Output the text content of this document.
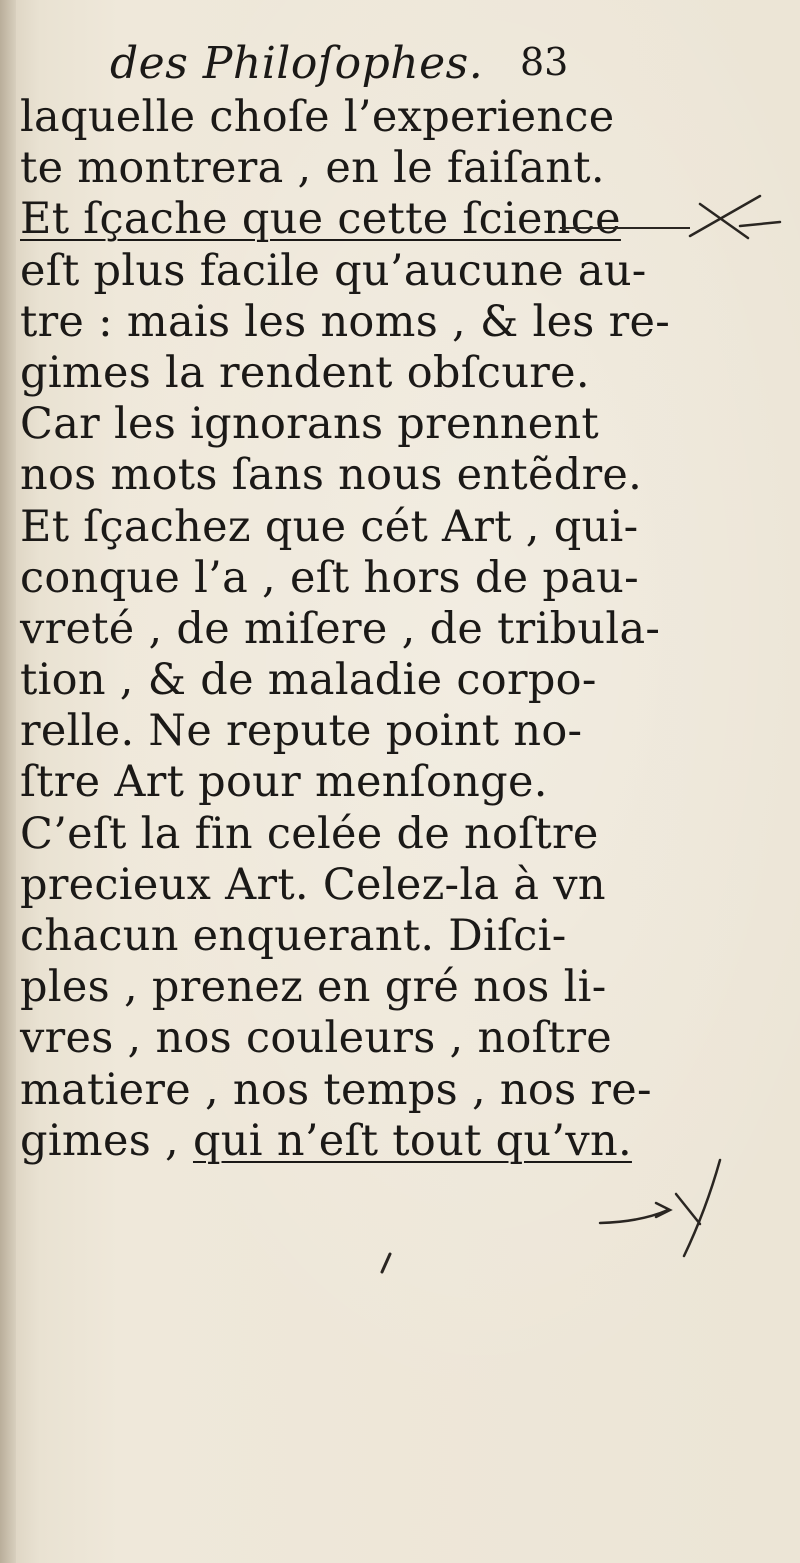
des Philoſophes. 83
laquelle choſe l’experience
te montrera , en le faiſant.
Et ſçache que cette ſcience
eſt plus facile qu’aucune au-
tre : mais les noms , & les re-
gimes la rendent obſcure.
Car les ignorans prennent
nos mots ſans nous entẽdre.
Et ſçachez que cét Art , qui-
conque l’a , eſt hors de pau-
vreté , de miſere , de tribula-
tion , & de maladie corpo-
relle. Ne repute point no-
ſtre Art pour menſonge.
C’eſt la fin celée de noſtre
precieux Art. Celez-la à vn
chacun enquerant. Diſci-
ples , prenez en gré nos li-
vres , nos couleurs , noſtre
matiere , nos temps , nos re-
gimes , qui n’eſt tout qu’vn.
